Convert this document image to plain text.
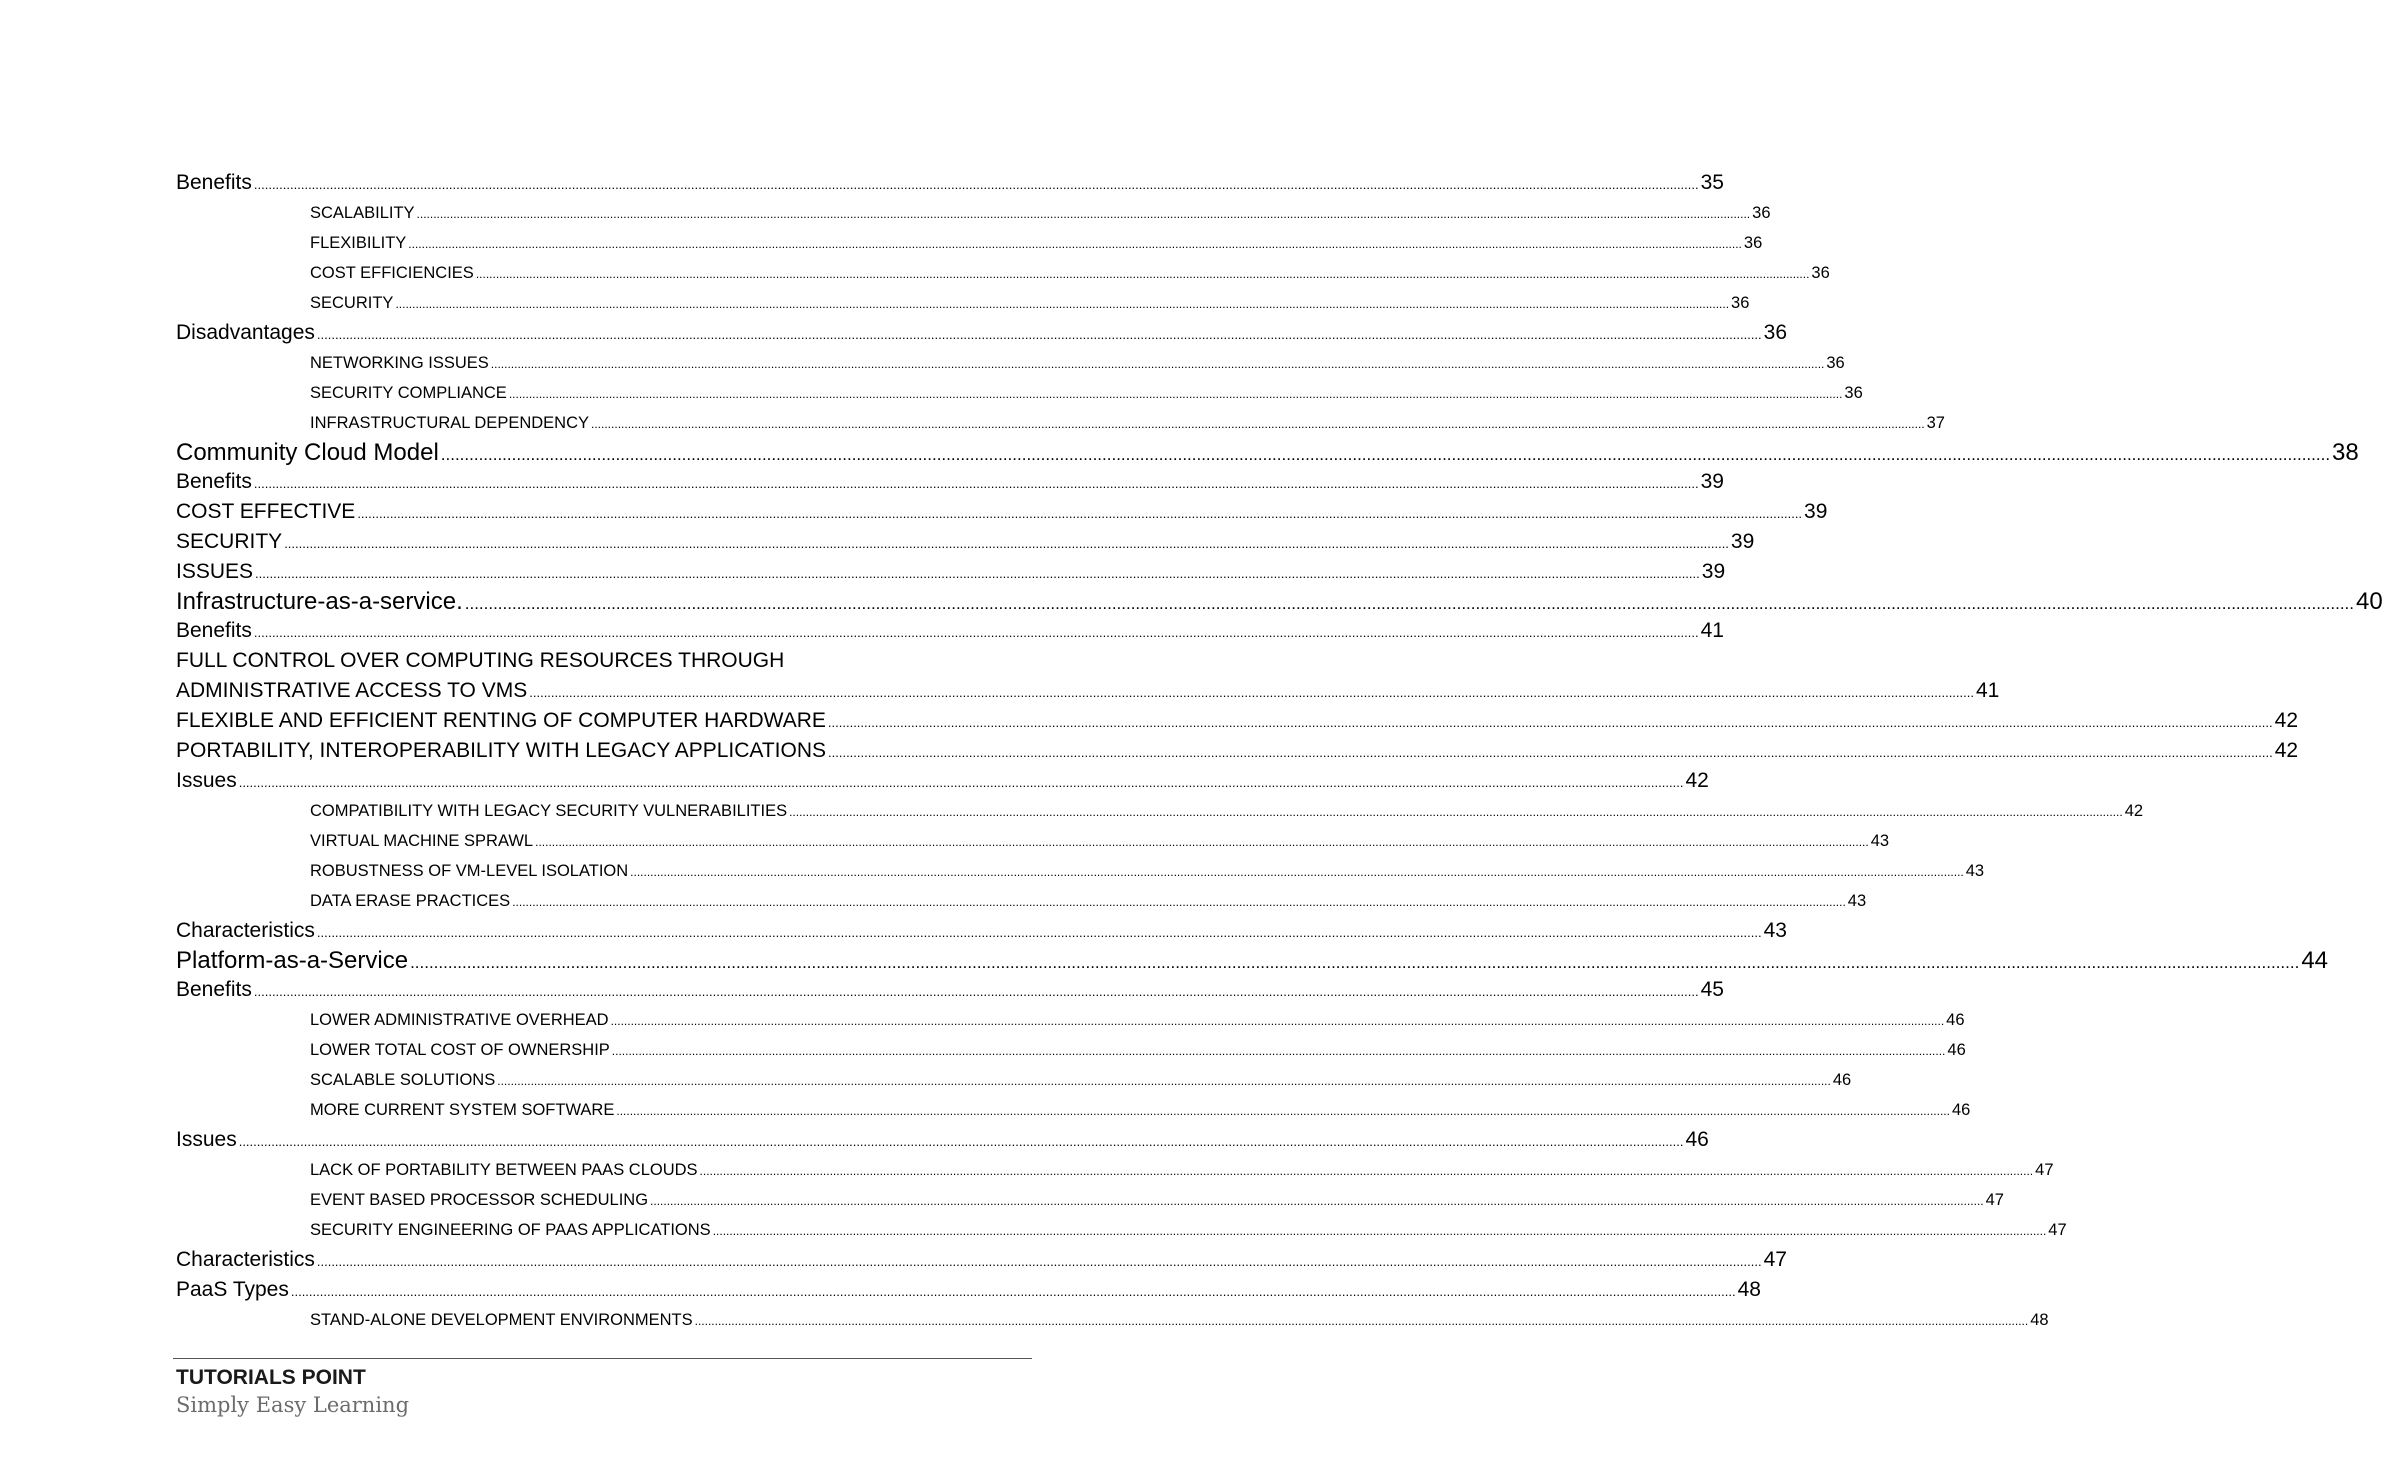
Benefits ................................................................................................................................................................................................................................................................................................................................................................................................................ 35
SCALABILITY ................................................................................................................................................................................................................................................................................................................................................................................................................ 36
FLEXIBILITY ................................................................................................................................................................................................................................................................................................................................................................................................................ 36
COST EFFICIENCIES ................................................................................................................................................................................................................................................................................................................................................................................................................ 36
SECURITY ................................................................................................................................................................................................................................................................................................................................................................................................................ 36
Disadvantages ................................................................................................................................................................................................................................................................................................................................................................................................................ 36
NETWORKING ISSUES ................................................................................................................................................................................................................................................................................................................................................................................................................ 36
SECURITY COMPLIANCE ................................................................................................................................................................................................................................................................................................................................................................................................................ 36
INFRASTRUCTURAL DEPENDENCY ................................................................................................................................................................................................................................................................................................................................................................................................................ 37
Community Cloud Model ................................................................................................................................................................................................................................................................................................................................................................................................................ 38
Benefits ................................................................................................................................................................................................................................................................................................................................................................................................................ 39
COST EFFECTIVE ................................................................................................................................................................................................................................................................................................................................................................................................................ 39
SECURITY ................................................................................................................................................................................................................................................................................................................................................................................................................ 39
ISSUES ................................................................................................................................................................................................................................................................................................................................................................................................................ 39
Infrastructure-as-a-service. ................................................................................................................................................................................................................................................................................................................................................................................................................ 40
Benefits ................................................................................................................................................................................................................................................................................................................................................................................................................ 41
FULL CONTROL OVER COMPUTING RESOURCES THROUGH
ADMINISTRATIVE ACCESS TO VMS ................................................................................................................................................................................................................................................................................................................................................................................................................ 41
FLEXIBLE AND EFFICIENT RENTING OF COMPUTER HARDWARE ................................................................................................................................................................................................................................................................................................................................................................................................................ 42
PORTABILITY, INTEROPERABILITY WITH LEGACY APPLICATIONS ................................................................................................................................................................................................................................................................................................................................................................................................................ 42
Issues ................................................................................................................................................................................................................................................................................................................................................................................................................ 42
COMPATIBILITY WITH LEGACY SECURITY VULNERABILITIES ................................................................................................................................................................................................................................................................................................................................................................................................................ 42
VIRTUAL MACHINE SPRAWL ................................................................................................................................................................................................................................................................................................................................................................................................................ 43
ROBUSTNESS OF VM-LEVEL ISOLATION ................................................................................................................................................................................................................................................................................................................................................................................................................ 43
DATA ERASE PRACTICES ................................................................................................................................................................................................................................................................................................................................................................................................................ 43
Characteristics ................................................................................................................................................................................................................................................................................................................................................................................................................ 43
Platform-as-a-Service ................................................................................................................................................................................................................................................................................................................................................................................................................ 44
Benefits ................................................................................................................................................................................................................................................................................................................................................................................................................ 45
LOWER ADMINISTRATIVE OVERHEAD ................................................................................................................................................................................................................................................................................................................................................................................................................ 46
LOWER TOTAL COST OF OWNERSHIP ................................................................................................................................................................................................................................................................................................................................................................................................................ 46
SCALABLE SOLUTIONS ................................................................................................................................................................................................................................................................................................................................................................................................................ 46
MORE CURRENT SYSTEM SOFTWARE ................................................................................................................................................................................................................................................................................................................................................................................................................ 46
Issues ................................................................................................................................................................................................................................................................................................................................................................................................................ 46
LACK OF PORTABILITY BETWEEN PAAS CLOUDS ................................................................................................................................................................................................................................................................................................................................................................................................................ 47
EVENT BASED PROCESSOR SCHEDULING ................................................................................................................................................................................................................................................................................................................................................................................................................ 47
SECURITY ENGINEERING OF PAAS APPLICATIONS ................................................................................................................................................................................................................................................................................................................................................................................................................ 47
Characteristics ................................................................................................................................................................................................................................................................................................................................................................................................................ 47
PaaS Types ................................................................................................................................................................................................................................................................................................................................................................................................................ 48
STAND-ALONE DEVELOPMENT ENVIRONMENTS ................................................................................................................................................................................................................................................................................................................................................................................................................ 48
TUTORIALS POINT
Simply Easy Learning
